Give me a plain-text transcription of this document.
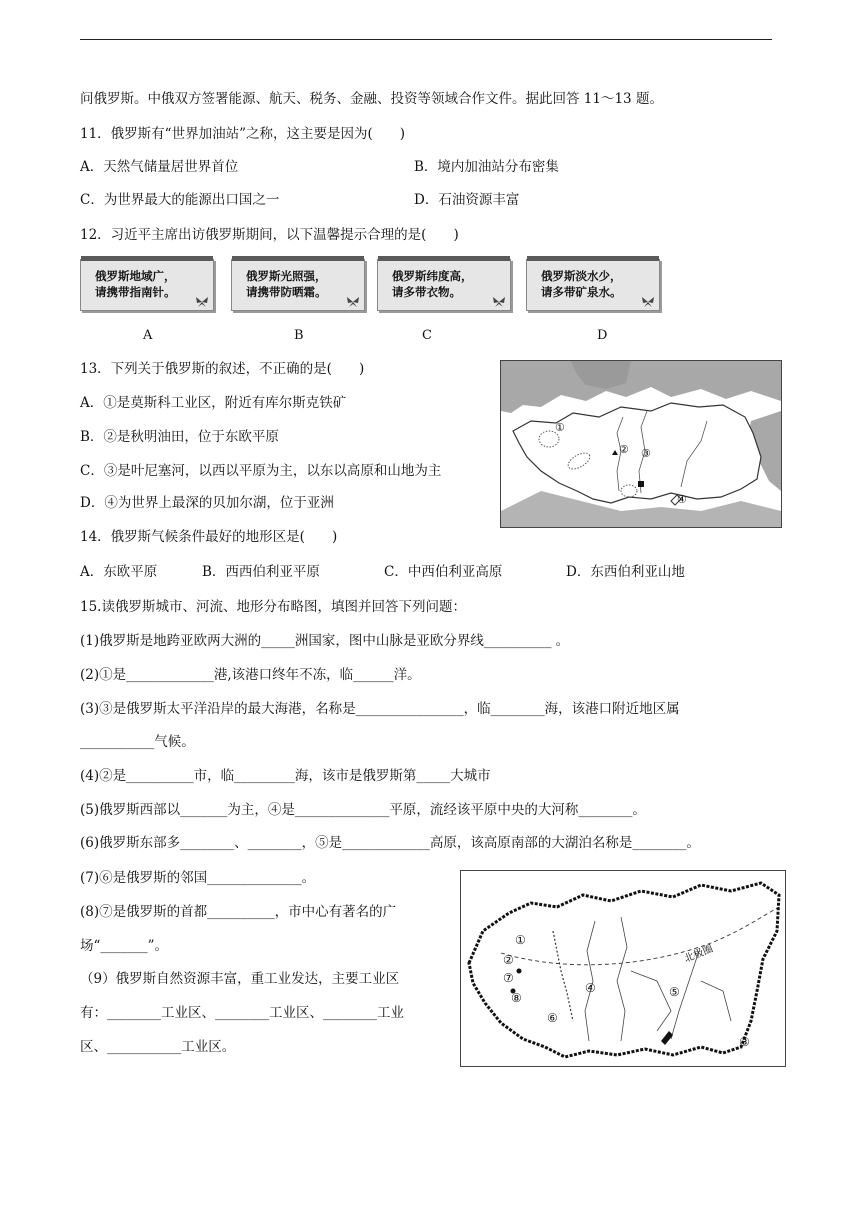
问俄罗斯。中俄双方签署能源、航天、税务、金融、投资等领域合作文件。据此回答 11～13 题。
11．俄罗斯有“世界加油站”之称，这主要是因为(　　)
A．天然气储量居世界首位	B．境内加油站分布密集
C．为世界最大的能源出口国之一	D．石油资源丰富
12．习近平主席出访俄罗斯期间，以下温馨提示合理的是(　　)
俄罗斯地域广，
请携带指南针。
俄罗斯光照强，
请携带防晒霜。
俄罗斯纬度高，
请多带衣物。
俄罗斯淡水少，
请多带矿泉水。
A	B	C	D
13．下列关于俄罗斯的叙述，不正确的是(　　)
A．①是莫斯科工业区，附近有库尔斯克铁矿
B．②是秋明油田，位于东欧平原
C．③是叶尼塞河，以西以平原为主，以东以高原和山地为主
D．④为世界上最深的贝加尔湖，位于亚洲
①
② ③
④
14．俄罗斯气候条件最好的地形区是(　　)
A．东欧平原	B．西西伯利亚平原	C．中西伯利亚高原	D．东西伯利亚山地
15.读俄罗斯城市、河流、地形分布略图，填图并回答下列问题：
(1)俄罗斯是地跨亚欧两大洲的_____洲国家，图中山脉是亚欧分界线__________ 。
(2)①是_____________港,该港口终年不冻，临______洋。
(3)③是俄罗斯太平洋沿岸的最大海港，名称是________________，临________海，该港口附近地区属
___________气候。
(4)②是__________市，临_________海，该市是俄罗斯第_____大城市
(5)俄罗斯西部以_______为主，④是______________平原，流经该平原中央的大河称________。
(6)俄罗斯东部多________、________，⑤是_____________高原，该高原南部的大湖泊名称是________。
(7)⑥是俄罗斯的邻国______________。
(8)⑦是俄罗斯的首都__________，市中心有著名的广
场“_______”。
（9）俄罗斯自然资源丰富，重工业发达，主要工业区
有：________工业区、________工业区、________工业
区、___________工业区。
北极圈
①
②
③
④	⑤
⑥
⑦
⑧
